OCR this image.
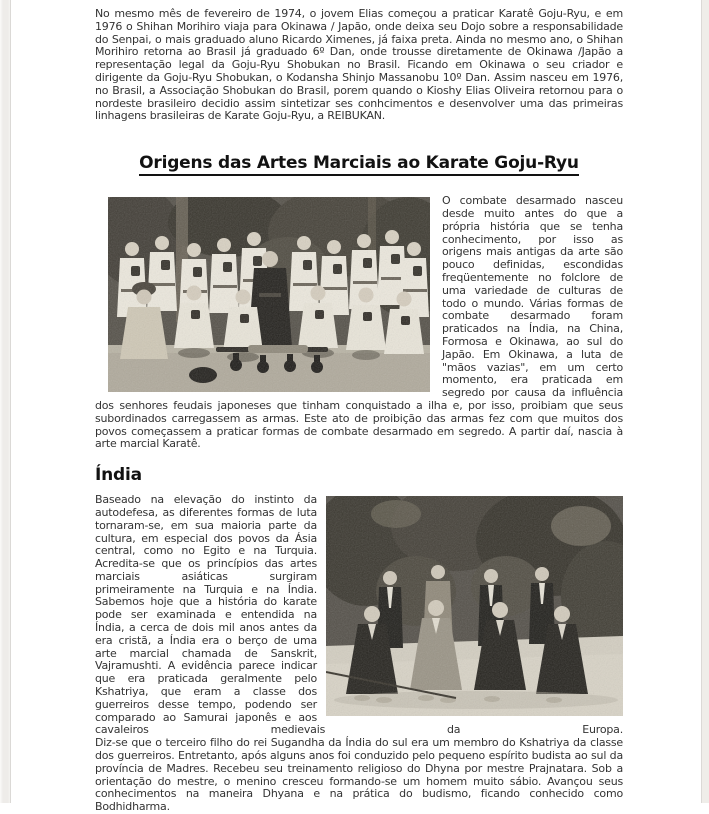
No mesmo mês de fevereiro de 1974, o jovem Elias começou a praticar Karatê Goju-Ryu, e em 1976 o Shihan Morihiro viaja para Okinawa / Japão, onde deixa seu Dojo sobre a responsabilidade do Senpai, o mais graduado aluno Ricardo Ximenes, já faixa preta. Ainda no mesmo ano, o Shihan Morihiro retorna ao Brasil já graduado 6º Dan, onde trousse diretamente de Okinawa /Japão a representação legal da Goju-Ryu Shobukan no Brasil. Ficando em Okinawa o seu criador e dirigente da Goju-Ryu Shobukan, o Kodansha Shinjo Massanobu 10º Dan. Assim nasceu em 1976, no Brasil, a Associação Shobukan do Brasil, porem quando o Kioshy Elias Oliveira retornou para o nordeste brasileiro decidio assim sintetizar ses conhcimentos e desenvolver uma das primeiras linhagens brasileiras de Karate Goju-Ryu, a REIBUKAN.

Origens das Artes Marciais ao Karate Goju-Ryu

O combate desarmado nasceu desde muito antes do que a própria história que se tenha conhecimento, por isso as origens mais antigas da arte são pouco definidas, escondidas freqüentemente no folclore de uma variedade de culturas de todo o mundo. Várias formas de combate desarmado foram praticados na Índia, na China, Formosa e Okinawa, ao sul do Japão. Em Okinawa, a luta de "mãos vazias", em um certo momento, era praticada em segredo por causa da influência dos senhores feudais japoneses que tinham conquistado a ilha e, por isso, proibiam que seus subordinados carregassem as armas. Este ato de proibição das armas fez com que muitos dos povos começassem a praticar formas de combate desarmado em segredo. A partir daí, nascia à arte marcial Karatê.

Índia

Baseado na elevação do instinto da autodefesa, as diferentes formas de luta tornaram-se, em sua maioria parte da cultura, em especial dos povos da Ásia central, como no Egito e na Turquia. Acredita-se que os princípios das artes marciais asiáticas surgiram primeiramente na Turquia e na Índia. Sabemos hoje que a história do karate pode ser examinada e entendida na Índia, a cerca de dois mil anos antes da era cristã, a Índia era o berço de uma arte marcial chamada de Sanskrit, Vajramushti. A evidência parece indicar que era praticada geralmente pelo Kshatriya, que eram a classe dos guerreiros desse tempo, podendo ser comparado ao Samurai japonês e aos cavaleiros medievais da Europa.

Diz-se que o terceiro filho do rei Sugandha da Índia do sul era um membro do Kshatriya da classe dos guerreiros. Entretanto, após alguns anos foi conduzido pelo pequeno espírito budista ao sul da província de Madres. Recebeu seu treinamento religioso do Dhyna por mestre Prajnatara. Sob a orientação do mestre, o menino cresceu formando-se um homem muito sábio. Avançou seus conhecimentos na maneira Dhyana e na prática do budismo, ficando conhecido como Bodhidharma.
